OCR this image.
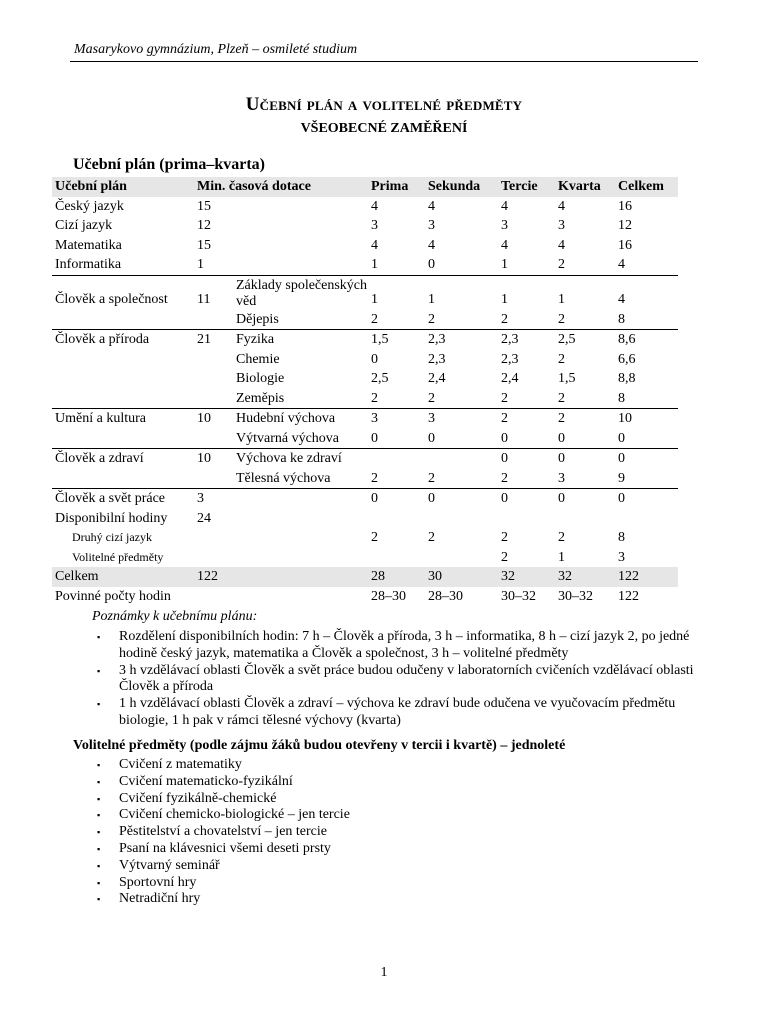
Masarykovo gymnázium, Plzeň – osmileté studium
Učební plán a volitelné předměty
VŠEOBECNÉ ZAMĚŘENÍ
Učební plán (prima–kvarta)
Učební plán	Min. časová dotace		Prima	Sekunda	Tercie	Kvarta	Celkem
Český jazyk	15		4	4	4	4	16
Cizí jazyk	12		3	3	3	3	12
Matematika	15		4	4	4	4	16
Informatika	1		1	0	1	2	4
Člověk a společnost	11	Základy společenských věd	1	1	1	1	4
		Dějepis	2	2	2	2	8
Člověk a příroda	21	Fyzika	1,5	2,3	2,3	2,5	8,6
		Chemie	0	2,3	2,3	2	6,6
		Biologie	2,5	2,4	2,4	1,5	8,8
		Zeměpis	2	2	2	2	8
Umění a kultura	10	Hudební výchova	3	3	2	2	10
		Výtvarná výchova	0	0	0	0	0
Člověk a zdraví	10	Výchova ke zdraví			0	0	0
		Tělesná výchova	2	2	2	3	9
Člověk a svět práce	3		0	0	0	0	0
Disponibilní hodiny	24						
Druhý cizí jazyk			2	2	2	2	8
Volitelné předměty					2	1	3
Celkem	122		28	30	32	32	122
Povinné počty hodin			28–30	28–30	30–32	30–32	122
Poznámky k učebnímu plánu:
▪ Rozdělení disponibilních hodin: 7 h – Člověk a příroda, 3 h – informatika, 8 h – cizí jazyk 2, po jedné hodině český jazyk, matematika a Člověk a společnost, 3 h – volitelné předměty
▪ 3 h vzdělávací oblasti Člověk a svět práce budou odučeny v laboratorních cvičeních vzdělávací oblasti Člověk a příroda
▪ 1 h vzdělávací oblasti Člověk a zdraví – výchova ke zdraví bude odučena ve vyučovacím předmětu biologie, 1 h pak v rámci tělesné výchovy (kvarta)
Volitelné předměty (podle zájmu žáků budou otevřeny v tercii i kvartě) – jednoleté
▪ Cvičení z matematiky
▪ Cvičení matematicko-fyzikální
▪ Cvičení fyzikálně-chemické
▪ Cvičení chemicko-biologické – jen tercie
▪ Pěstitelství a chovatelství – jen tercie
▪ Psaní na klávesnici všemi deseti prsty
▪ Výtvarný seminář
▪ Sportovní hry
▪ Netradiční hry
1
